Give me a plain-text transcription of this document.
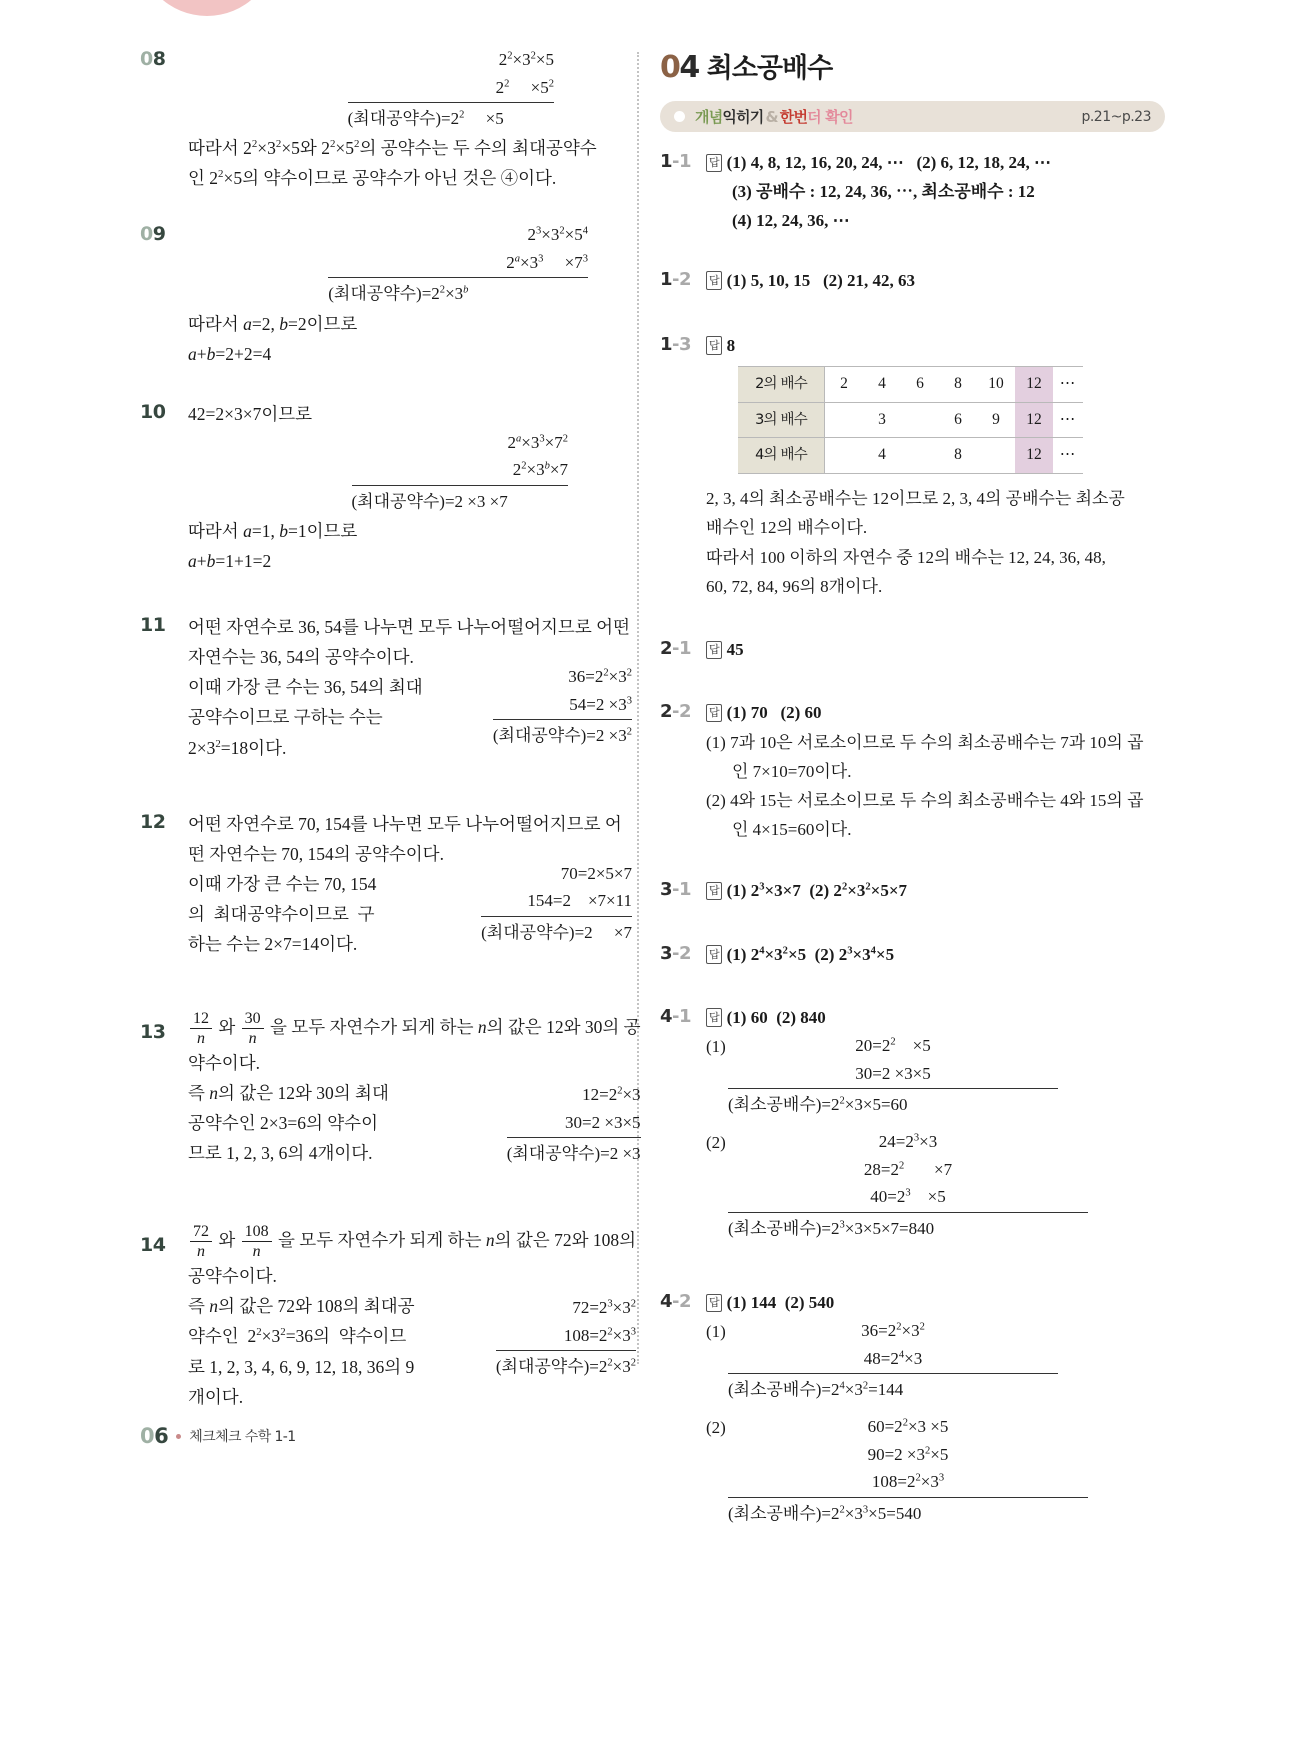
08	$2^2\times 3^2\times 5$
$2^2$     $\times 5^2$
(최대공약수)$=2^2$     ×5
따라서 $2^2\times 3^2\times 5$와 $2^2\times 5^2$의 공약수는 두 수의 최대공약수
인 $2^2\times 5$의 약수이므로 공약수가 아닌 것은 ④이다.
09	$2^3\times 3^2\times 5^4$
$2^a\times 3^3$     $\times 7^3$
(최대공약수)$=2^2\times 3^b$
따라서 a=2, b=2이므로
a+b=2+2=4
10	42=2×3×7이므로
$2^a\times 3^3\times 7^2$
$2^2\times 3^b\times 7$
(최대공약수)=2 ×3 ×7
따라서 a=1, b=1이므로
a+b=1+1=2
11	어떤 자연수로 36, 54를 나누면 모두 나누어떨어지므로 어떤
자연수는 36, 54의 공약수이다.
이때 가장 큰 수는 36, 54의 최대
공약수이므로 구하는 수는
$2\times 3^2=18$이다.
$36=2^2\times 3^2$
$54=2 \times 3^3$
(최대공약수)$=2 \times 3^2$
12	어떤 자연수로 70, 154를 나누면 모두 나누어떨어지므로 어
떤 자연수는 70, 154의 공약수이다.
이때 가장 큰 수는 70, 154
의  최대공약수이므로  구
하는 수는 2×7=14이다.
70=2×5×7
154=2    ×7×11
(최대공약수)=2     ×7
13	$\frac{12}{n}$ 와 $\frac{30}{n}$ 을 모두 자연수가 되게 하는 n의 값은 12와 30의 공
약수이다.
즉 n의 값은 12와 30의 최대
공약수인 2×3=6의 약수이
므로 1, 2, 3, 6의 4개이다.
$12=2^2\times 3$
30=2 ×3×5
(최대공약수)=2 ×3
14	$\frac{72}{n}$ 와 $\frac{108}{n}$ 을 모두 자연수가 되게 하는 n의 값은 72와 108의
공약수이다.
즉 n의 값은 72와 108의 최대공
약수인  $2^2\times 3^2=36$의  약수이므
로 1, 2, 3, 4, 6, 9, 12, 18, 36의 9
개이다.
$72=2^3\times 3^2$
$108=2^2\times 3^3$
(최대공약수)$=2^2\times 3^2$
04 최소공배수
개념익히기 & 한번더 확인	p.21~p.23
1-1	답 (1) 4, 8, 12, 16, 20, 24, ⋯   (2) 6, 12, 18, 24, ⋯
(3) 공배수 : 12, 24, 36, ⋯, 최소공배수 : 12
(4) 12, 24, 36, ⋯
1-2	답 (1) 5, 10, 15   (2) 21, 42, 63
1-3	답 8
2의 배수	2	4	6	8	10	12	⋯
3의 배수		3		6	9	12	⋯
4의 배수		4		8		12	⋯
2, 3, 4의 최소공배수는 12이므로 2, 3, 4의 공배수는 최소공
배수인 12의 배수이다.
따라서 100 이하의 자연수 중 12의 배수는 12, 24, 36, 48,
60, 72, 84, 96의 8개이다.
2-1	답 45
2-2	답 (1) 70   (2) 60
(1) 7과 10은 서로소이므로 두 수의 최소공배수는 7과 10의 곱
인 7×10=70이다.
(2) 4와 15는 서로소이므로 두 수의 최소공배수는 4와 15의 곱
인 4×15=60이다.
3-1	답 (1) $2^3\times 3\times 7$  (2) $2^2\times 3^2\times 5\times 7$
3-2	답 (1) $2^4\times 3^2\times 5$  (2) $2^3\times 3^4\times 5$
4-1	답 (1) 60  (2) 840
(1)	$20=2^2$    ×5
30=2 ×3×5
(최소공배수)$=2^2\times 3\times 5=60$
(2)	$24=2^3\times 3$
$28=2^2$       ×7
$40=2^3$    ×5
(최소공배수)$=2^3\times 3\times 5\times 7=840$
4-2	답 (1) 144  (2) 540
(1)	$36=2^2\times 3^2$
$48=2^4\times 3$
(최소공배수)$=2^4\times 3^2=144$
(2)	$60=2^2\times 3 \times 5$
$90=2 \times 3^2\times 5$
$108=2^2\times 3^3$
(최소공배수)$=2^2\times 3^3\times 5=540$
06 체크체크 수학 1-1
